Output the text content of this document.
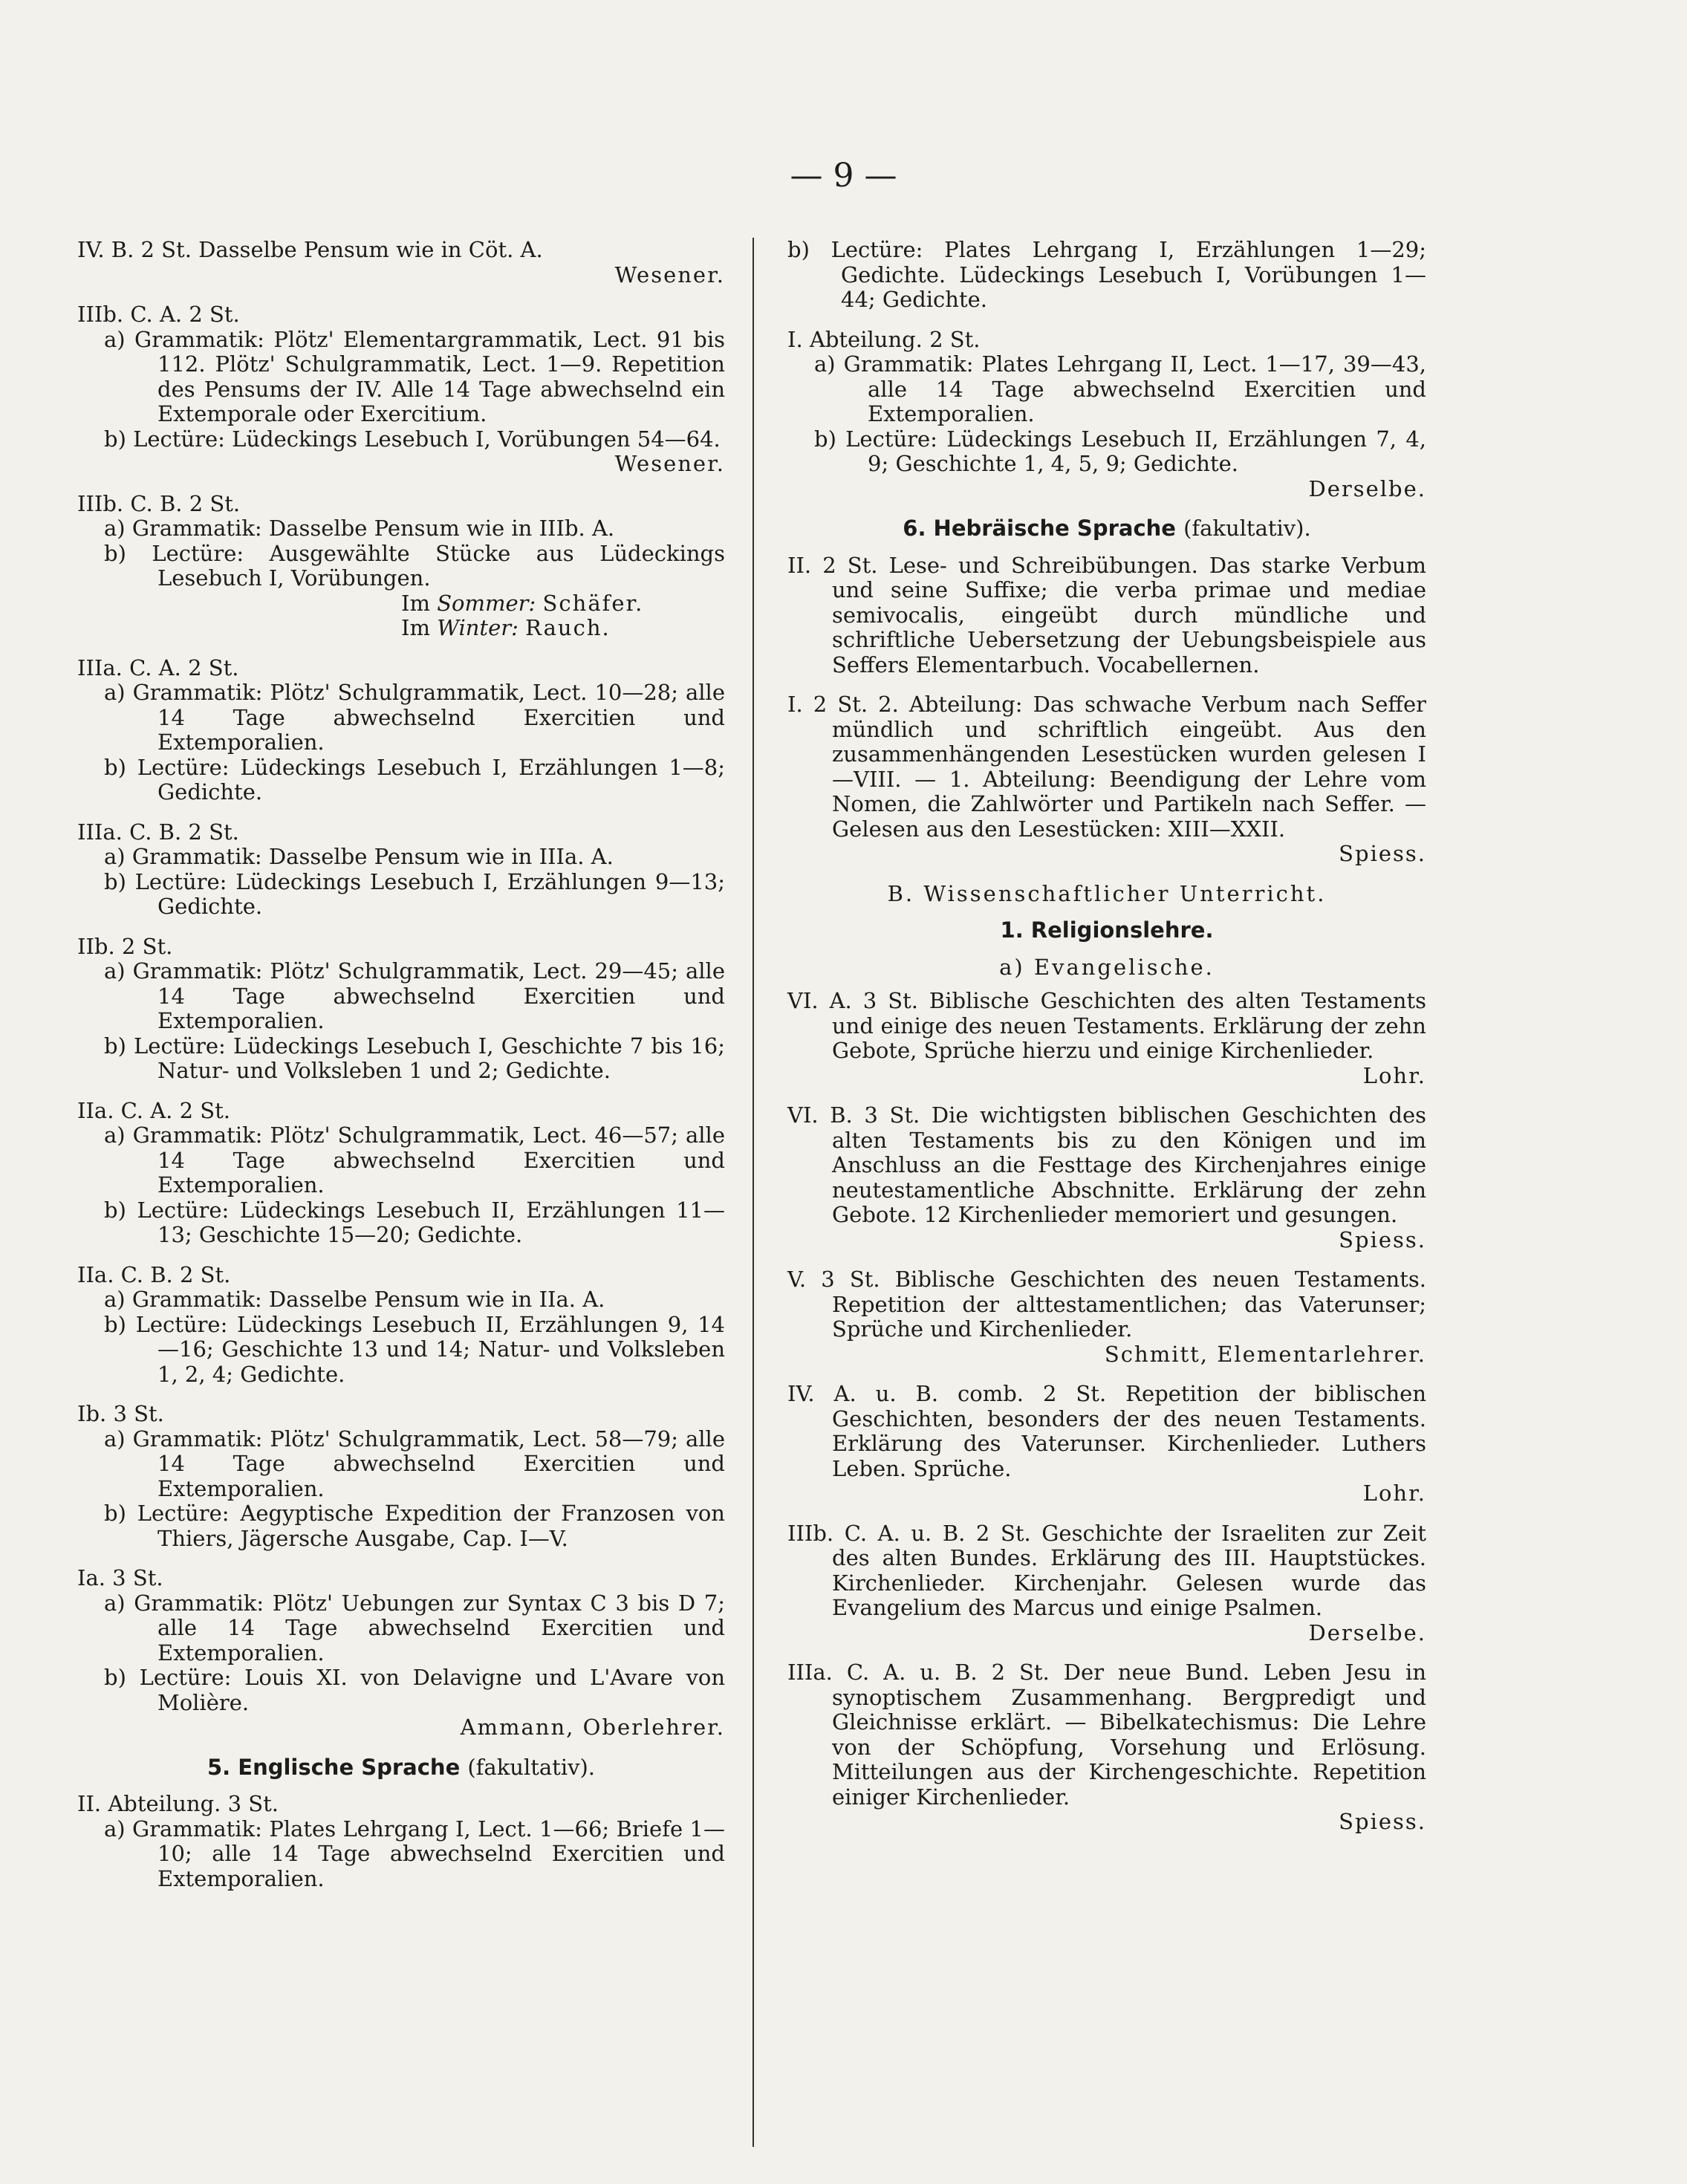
— 9 —

IV. B. 2 St. Dasselbe Pensum wie in Cöt. A.

Wesener.

IIIb. C. A. 2 St.

a) Grammatik: Plötz' Elementargrammatik, Lect. 91 bis 112. Plötz' Schulgrammatik, Lect. 1—9. Repetition des Pensums der IV. Alle 14 Tage abwechselnd ein Extemporale oder Exercitium.

b) Lectüre: Lüdeckings Lesebuch I, Vorübungen 54—64.

Wesener.

IIIb. C. B. 2 St.

a) Grammatik: Dasselbe Pensum wie in IIIb. A.

b) Lectüre: Ausgewählte Stücke aus Lüdeckings Lesebuch I, Vorübungen.

Im Sommer: Schäfer.

Im Winter: Rauch.

IIIa. C. A. 2 St.

a) Grammatik: Plötz' Schulgrammatik, Lect. 10—28; alle 14 Tage abwechselnd Exercitien und Extemporalien.

b) Lectüre: Lüdeckings Lesebuch I, Erzählungen 1—8; Gedichte.

IIIa. C. B. 2 St.

a) Grammatik: Dasselbe Pensum wie in IIIa. A.

b) Lectüre: Lüdeckings Lesebuch I, Erzählungen 9—13; Gedichte.

IIb. 2 St.

a) Grammatik: Plötz' Schulgrammatik, Lect. 29—45; alle 14 Tage abwechselnd Exercitien und Extemporalien.

b) Lectüre: Lüdeckings Lesebuch I, Geschichte 7 bis 16; Natur- und Volksleben 1 und 2; Gedichte.

IIa. C. A. 2 St.

a) Grammatik: Plötz' Schulgrammatik, Lect. 46—57; alle 14 Tage abwechselnd Exercitien und Extemporalien.

b) Lectüre: Lüdeckings Lesebuch II, Erzählungen 11—13; Geschichte 15—20; Gedichte.

IIa. C. B. 2 St.

a) Grammatik: Dasselbe Pensum wie in IIa. A.

b) Lectüre: Lüdeckings Lesebuch II, Erzählungen 9, 14—16; Geschichte 13 und 14; Natur- und Volksleben 1, 2, 4; Gedichte.

Ib. 3 St.

a) Grammatik: Plötz' Schulgrammatik, Lect. 58—79; alle 14 Tage abwechselnd Exercitien und Extemporalien.

b) Lectüre: Aegyptische Expedition der Franzosen von Thiers, Jägersche Ausgabe, Cap. I—V.

Ia. 3 St.

a) Grammatik: Plötz' Uebungen zur Syntax C 3 bis D 7; alle 14 Tage abwechselnd Exercitien und Extemporalien.

b) Lectüre: Louis XI. von Delavigne und L'Avare von Molière.

Ammann, Oberlehrer.

5. Englische Sprache (fakultativ).

II. Abteilung. 3 St.

a) Grammatik: Plates Lehrgang I, Lect. 1—66; Briefe 1—10; alle 14 Tage abwechselnd Exercitien und Extemporalien.

b) Lectüre: Plates Lehrgang I, Erzählungen 1—29; Gedichte. Lüdeckings Lesebuch I, Vorübungen 1—44; Gedichte.

I. Abteilung. 2 St.

a) Grammatik: Plates Lehrgang II, Lect. 1—17, 39—43, alle 14 Tage abwechselnd Exercitien und Extemporalien.

b) Lectüre: Lüdeckings Lesebuch II, Erzählungen 7, 4, 9; Geschichte 1, 4, 5, 9; Gedichte.

Derselbe.

6. Hebräische Sprache (fakultativ).

II. 2 St. Lese- und Schreibübungen. Das starke Verbum und seine Suffixe; die verba primae und mediae semivocalis, eingeübt durch mündliche und schriftliche Uebersetzung der Uebungsbeispiele aus Seffers Elementarbuch. Vocabellernen.
I. 2 St. 2. Abteilung: Das schwache Verbum nach Seffer mündlich und schriftlich eingeübt. Aus den zusammenhängenden Lesestücken wurden gelesen I—VIII. — 1. Abteilung: Beendigung der Lehre vom Nomen, die Zahlwörter und Partikeln nach Seffer. — Gelesen aus den Lesestücken: XIII—XXII.

Spiess.

B. Wissenschaftlicher Unterricht.

1. Religionslehre.

a) Evangelische.

VI. A. 3 St. Biblische Geschichten des alten Testaments und einige des neuen Testaments. Erklärung der zehn Gebote, Sprüche hierzu und einige Kirchenlieder.

Lohr.

VI. B. 3 St. Die wichtigsten biblischen Geschichten des alten Testaments bis zu den Königen und im Anschluss an die Festtage des Kirchenjahres einige neutestamentliche Abschnitte. Erklärung der zehn Gebote. 12 Kirchenlieder memoriert und gesungen.

Spiess.

V. 3 St. Biblische Geschichten des neuen Testaments. Repetition der alttestamentlichen; das Vaterunser; Sprüche und Kirchenlieder.

Schmitt, Elementarlehrer.

IV. A. u. B. comb. 2 St. Repetition der biblischen Geschichten, besonders der des neuen Testaments. Erklärung des Vaterunser. Kirchenlieder. Luthers Leben. Sprüche.

Lohr.

IIIb. C. A. u. B. 2 St. Geschichte der Israeliten zur Zeit des alten Bundes. Erklärung des III. Hauptstückes. Kirchenlieder. Kirchenjahr. Gelesen wurde das Evangelium des Marcus und einige Psalmen.

Derselbe.

IIIa. C. A. u. B. 2 St. Der neue Bund. Leben Jesu in synoptischem Zusammenhang. Bergpredigt und Gleichnisse erklärt. — Bibelkatechismus: Die Lehre von der Schöpfung, Vorsehung und Erlösung. Mitteilungen aus der Kirchengeschichte. Repetition einiger Kirchenlieder.

Spiess.
